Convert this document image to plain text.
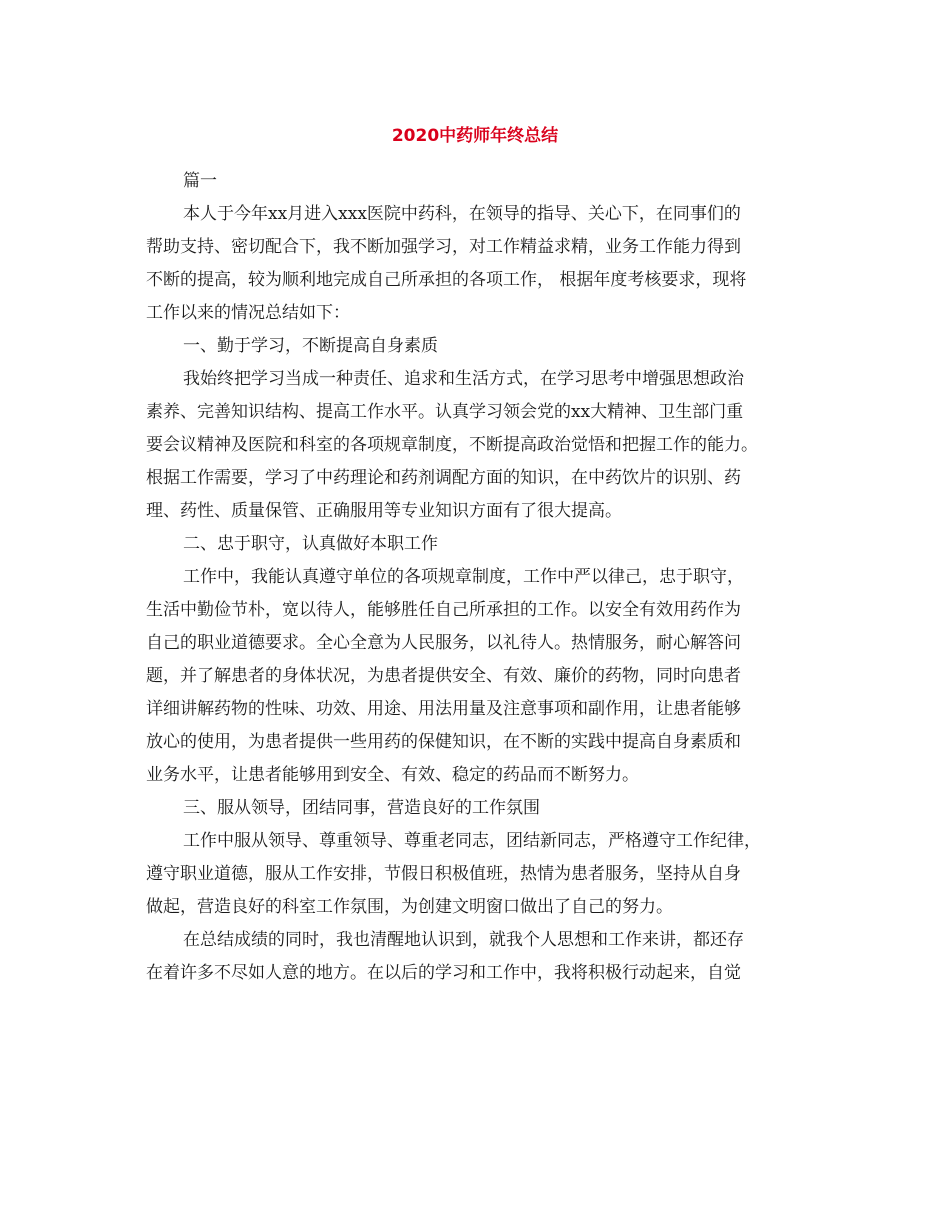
2020中药师年终总结

篇一

本人于今年xx月进入xxx医院中药科，在领导的指导、关心下，在同事们的

帮助支持、密切配合下，我不断加强学习，对工作精益求精，业务工作能力得到

不断的提高，较为顺利地完成自己所承担的各项工作， 根据年度考核要求，现将

工作以来的情况总结如下：

一、勤于学习，不断提高自身素质

我始终把学习当成一种责任、追求和生活方式，在学习思考中增强思想政治

素养、完善知识结构、提高工作水平。认真学习领会党的xx大精神、卫生部门重

要会议精神及医院和科室的各项规章制度，不断提高政治觉悟和把握工作的能力。

根据工作需要，学习了中药理论和药剂调配方面的知识，在中药饮片的识别、药

理、药性、质量保管、正确服用等专业知识方面有了很大提高。

二、忠于职守，认真做好本职工作

工作中，我能认真遵守单位的各项规章制度，工作中严以律己，忠于职守，

生活中勤俭节朴，宽以待人，能够胜任自己所承担的工作。以安全有效用药作为

自己的职业道德要求。全心全意为人民服务，以礼待人。热情服务，耐心解答问

题，并了解患者的身体状况，为患者提供安全、有效、廉价的药物，同时向患者

详细讲解药物的性味、功效、用途、用法用量及注意事项和副作用，让患者能够

放心的使用，为患者提供一些用药的保健知识，在不断的实践中提高自身素质和

业务水平，让患者能够用到安全、有效、稳定的药品而不断努力。

三、服从领导，团结同事，营造良好的工作氛围

工作中服从领导、尊重领导、尊重老同志，团结新同志，严格遵守工作纪律，

遵守职业道德，服从工作安排，节假日积极值班，热情为患者服务，坚持从自身

做起，营造良好的科室工作氛围，为创建文明窗口做出了自己的努力。

在总结成绩的同时，我也清醒地认识到，就我个人思想和工作来讲，都还存

在着许多不尽如人意的地方。在以后的学习和工作中，我将积极行动起来，自觉
